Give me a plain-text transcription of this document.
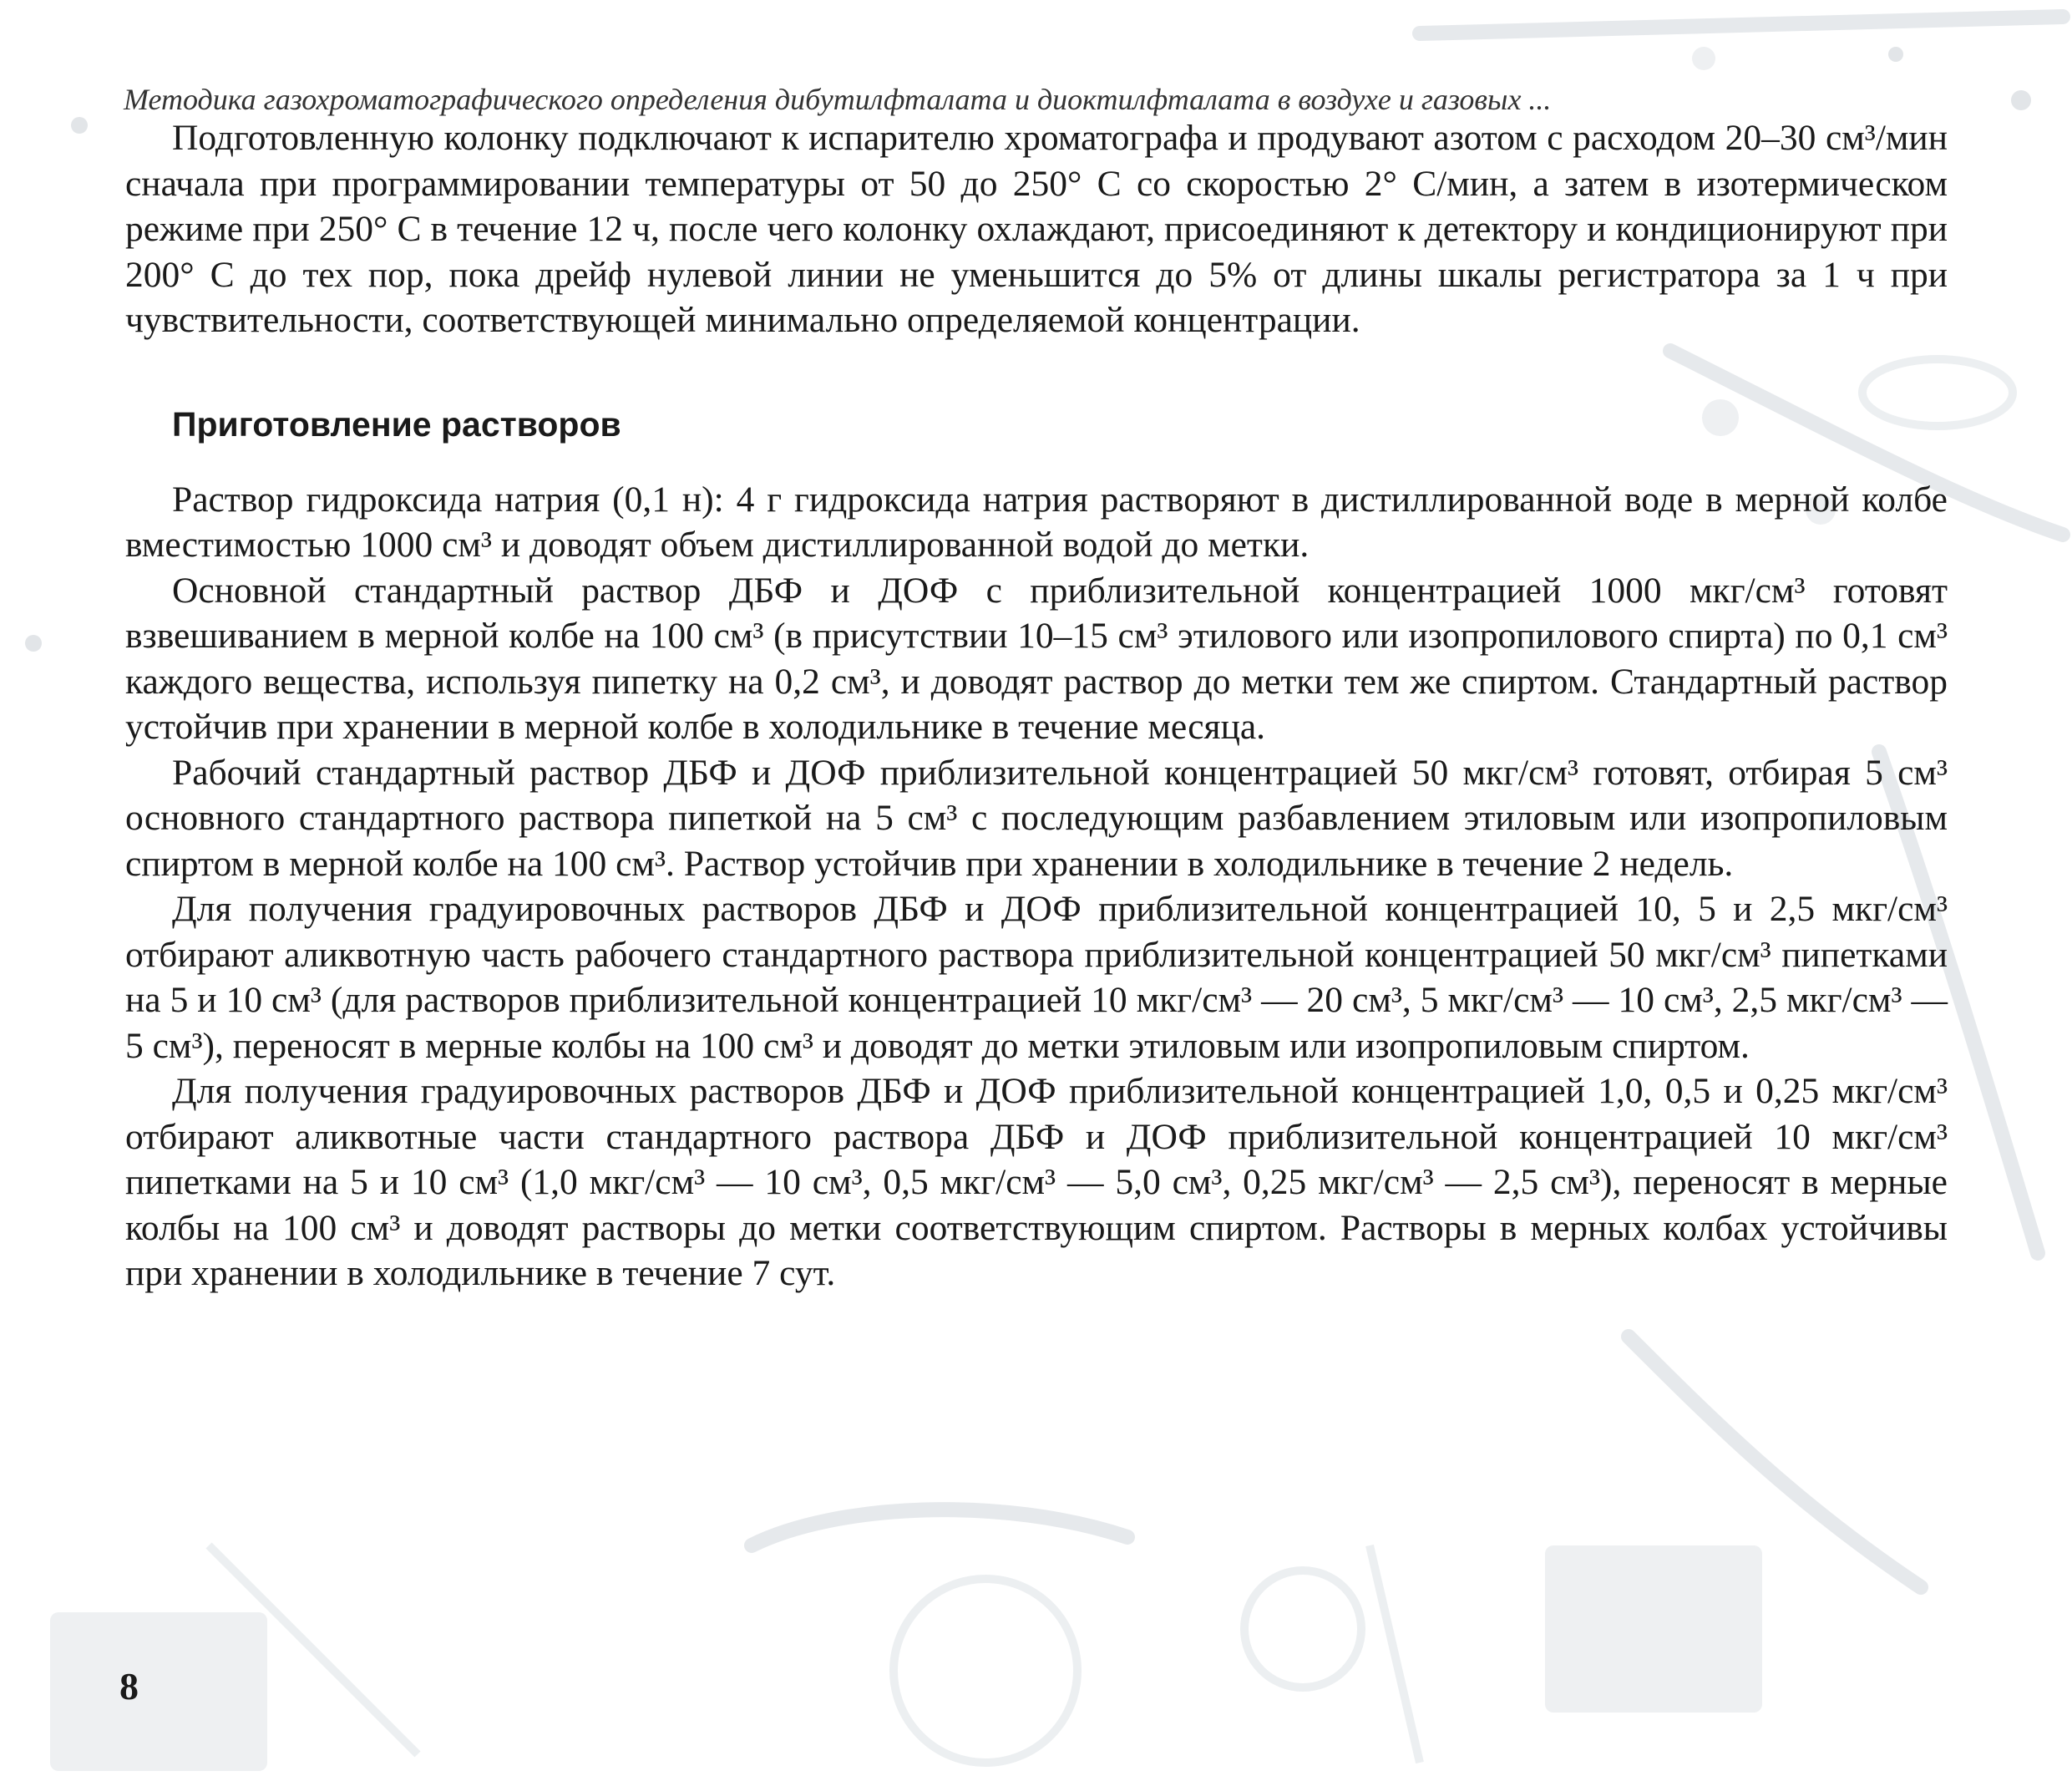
Методика газохроматографического определения дибутилфталата и диоктилфталата в воздухе и газовых ...

Подготовленную колонку подключают к испарителю хроматографа и продувают азотом с расходом 20–30 см³/мин сначала при программировании температуры от 50 до 250° С со скоростью 2° С/мин, а затем в изотермическом режиме при 250° С в течение 12 ч, после чего колонку охлаждают, присоединяют к детектору и кондиционируют при 200° С до тех пор, пока дрейф нулевой линии не уменьшится до 5% от длины шкалы регистратора за 1 ч при чувствительности, соответствующей минимально определяемой концентрации.

Приготовление растворов

Раствор гидроксида натрия (0,1 н): 4 г гидроксида натрия растворяют в дистиллированной воде в мерной колбе вместимостью 1000 см³ и доводят объем дистиллированной водой до метки.

Основной стандартный раствор ДБФ и ДОФ с приблизительной концентрацией 1000 мкг/см³ готовят взвешиванием в мерной колбе на 100 см³ (в присутствии 10–15 см³ этилового или изопропилового спирта) по 0,1 см³ каждого вещества, используя пипетку на 0,2 см³, и доводят раствор до метки тем же спиртом. Стандартный раствор устойчив при хранении в мерной колбе в холодильнике в течение месяца.

Рабочий стандартный раствор ДБФ и ДОФ приблизительной концентрацией 50 мкг/см³ готовят, отбирая 5 см³ основного стандартного раствора пипеткой на 5 см³ с последующим разбавлением этиловым или изопропиловым спиртом в мерной колбе на 100 см³. Раствор устойчив при хранении в холодильнике в течение 2 недель.

Для получения градуировочных растворов ДБФ и ДОФ приблизительной концентрацией 10, 5 и 2,5 мкг/см³ отбирают аликвотную часть рабочего стандартного раствора приблизительной концентрацией 50 мкг/см³ пипетками на 5 и 10 см³ (для растворов приблизительной концентрацией 10 мкг/см³ — 20 см³, 5 мкг/см³ — 10 см³, 2,5 мкг/см³ — 5 см³), переносят в мерные колбы на 100 см³ и доводят до метки этиловым или изопропиловым спиртом.

Для получения градуировочных растворов ДБФ и ДОФ приблизительной концентрацией 1,0, 0,5 и 0,25 мкг/см³ отбирают аликвотные части стандартного раствора ДБФ и ДОФ приблизительной концентрацией 10 мкг/см³ пипетками на 5 и 10 см³ (1,0 мкг/см³ — 10 см³, 0,5 мкг/см³ — 5,0 см³, 0,25 мкг/см³ — 2,5 см³), переносят в мерные колбы на 100 см³ и доводят растворы до метки соответствующим спиртом. Растворы в мерных колбах устойчивы при хранении в холодильнике в течение 7 сут.

8
